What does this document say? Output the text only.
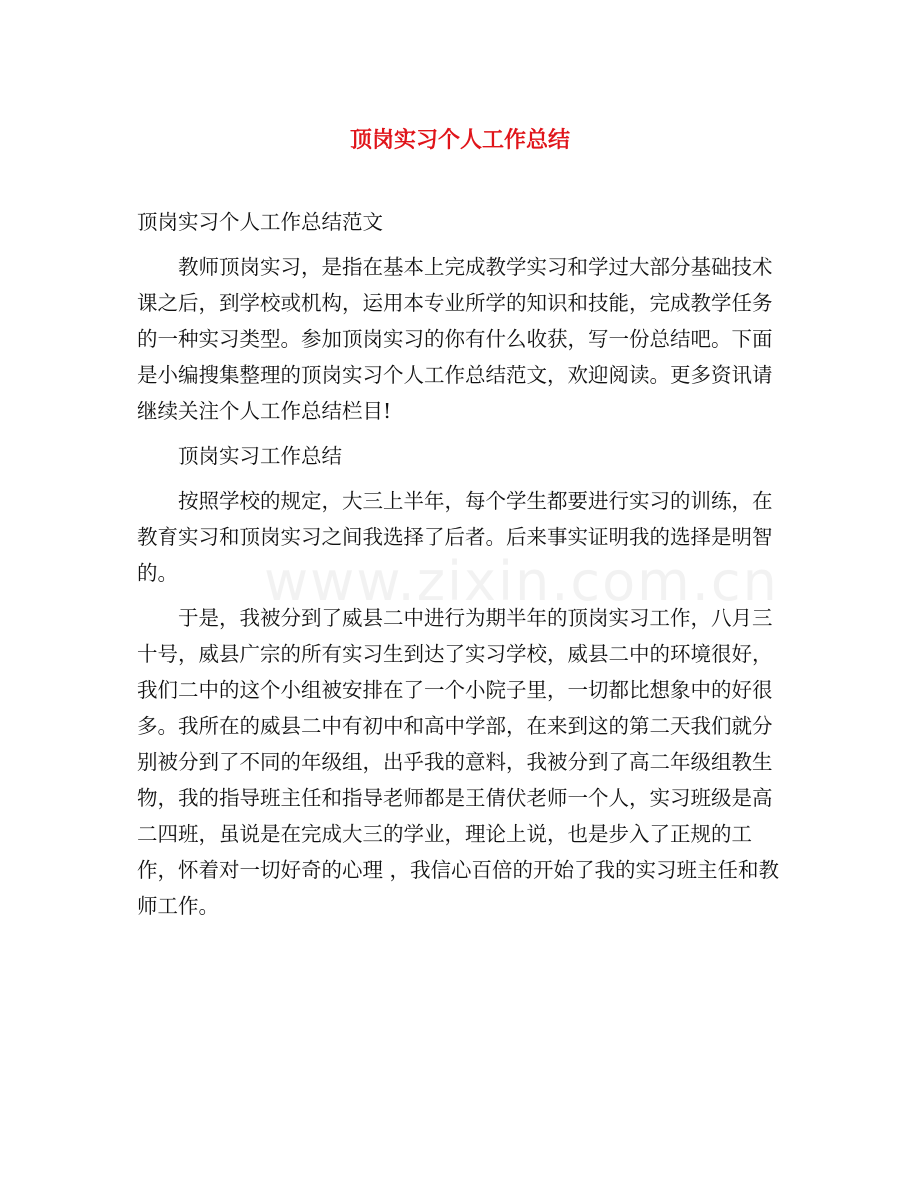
顶岗实习个人工作总结

顶岗实习个人工作总结范文

教师顶岗实习，是指在基本上完成教学实习和学过大部分基础技术课之后，到学校或机构，运用本专业所学的知识和技能，完成教学任务的一种实习类型。参加顶岗实习的你有什么收获，写一份总结吧。下面是小编搜集整理的顶岗实习个人工作总结范文，欢迎阅读。更多资讯请继续关注个人工作总结栏目!

顶岗实习工作总结

按照学校的规定，大三上半年，每个学生都要进行实习的训练，在教育实习和顶岗实习之间我选择了后者。后来事实证明我的选择是明智的。

于是，我被分到了威县二中进行为期半年的顶岗实习工作，八月三十号，威县广宗的所有实习生到达了实习学校，威县二中的环境很好，我们二中的这个小组被安排在了一个小院子里，一切都比想象中的好很多。我所在的威县二中有初中和高中学部，在来到这的第二天我们就分别被分到了不同的年级组，出乎我的意料，我被分到了高二年级组教生物，我的指导班主任和指导老师都是王倩伏老师一个人，实习班级是高二四班，虽说是在完成大三的学业，理论上说，也是步入了正规的工作，怀着对一切好奇的心理 ，我信心百倍的开始了我的实习班主任和教师工作。

www.zixin.com.cn
